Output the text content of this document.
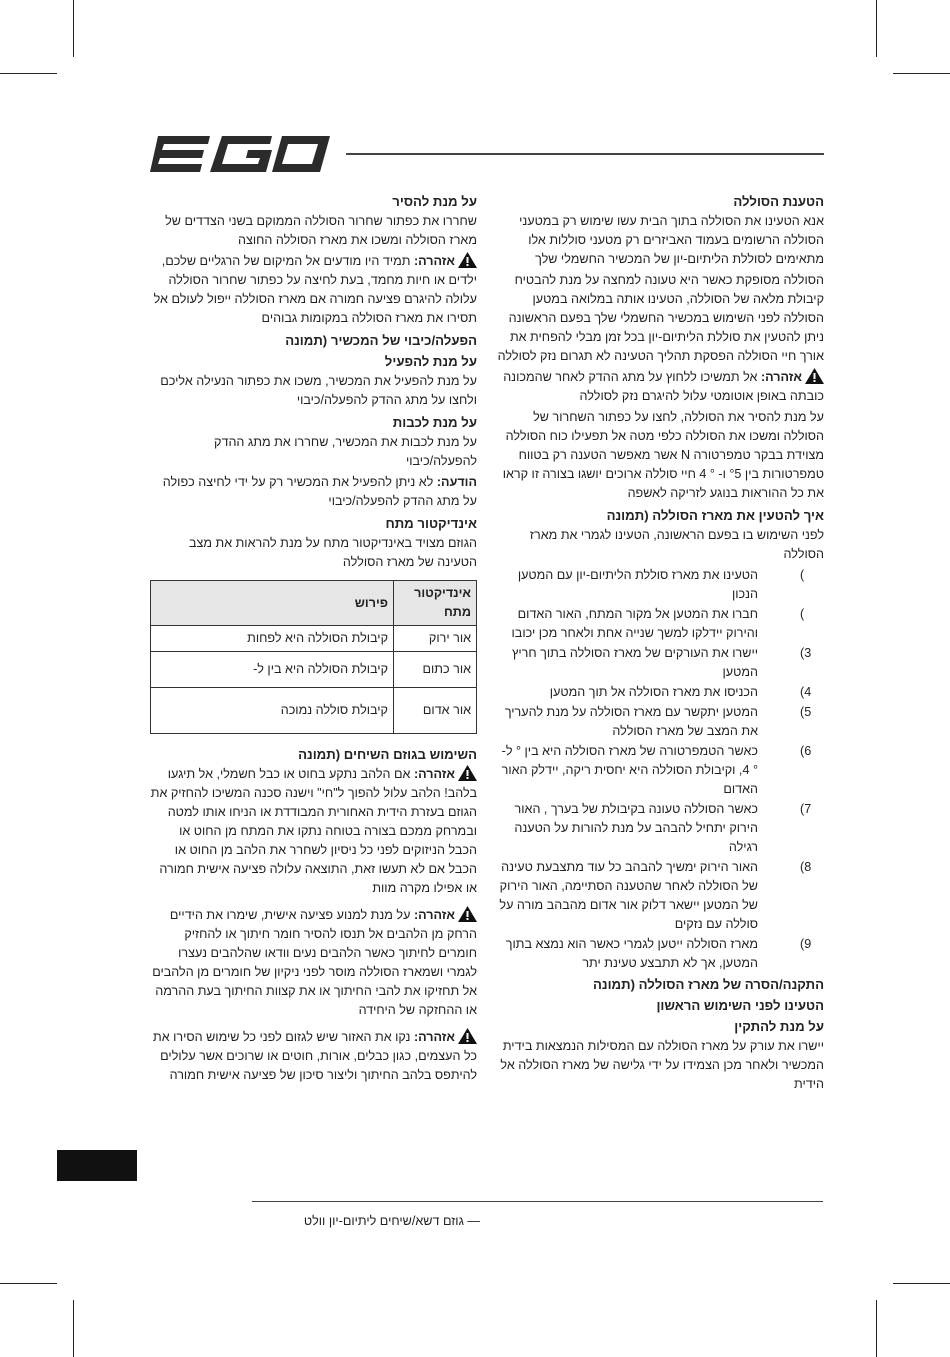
הטענת הסוללה

אנא הטעינו את הסוללה בתוך הבית עשו שימוש רק במטעני הסוללה הרשומים בעמוד האביזרים רק מטעני סוללות אלו מתאימים לסוללת הליתיום-יון של המכשיר החשמלי שלך

הסוללה מסופקת כאשר היא טעונה למחצה על מנת להבטיח קיבולת מלאה של הסוללה, הטעינו אותה במלואה במטען הסוללה לפני השימוש במכשיר החשמלי שלך בפעם הראשונה ניתן להטעין את סוללת הליתיום-יון בכל זמן מבלי להפחית את אורך חיי הסוללה הפסקת תהליך הטעינה לא תגרום נזק לסוללה

אזהרה: אל תמשיכו ללחוץ על מתג ההדק לאחר שהמכונה כובתה באופן אוטומטי עלול להיגרם נזק לסוללה

על מנת להסיר את הסוללה, לחצו על כפתור השחרור של הסוללה ומשכו את הסוללה כלפי מטה אל תפעילו כוח הסוללה מצוידת בבקר טמפרטורה N אשר מאפשר הטענה רק בטווח טמפרטורות בין °5 ו- ° 4 חיי סוללה ארוכים יושגו בצורה זו קראו את כל ההוראות בנוגע לזריקה לאשפה

איך להטעין את מארז הסוללה (תמונה

לפני השימוש בו בפעם הראשונה, הטעינו לגמרי את מארז הסוללה

)
הטעינו את מארז סוללת הליתיום-יון עם המטען הנכון
)
חברו את המטען אל מקור המתח, האור האדום והירוק יידלקו למשך שנייה אחת ולאחר מכן יכובו
3)
יישרו את העורקים של מארז הסוללה בתוך חריץ המטען
4)
הכניסו את מארז הסוללה אל תוך המטען
5)
המטען יתקשר עם מארז הסוללה על מנת להעריך את המצב של מארז הסוללה
6)
כאשר הטמפרטורה של מארז הסוללה היא בין ° ל- ° 4, וקיבולת הסוללה היא יחסית ריקה, יידלק האור האדום
7)
כאשר הסוללה טעונה בקיבולת של בערך , האור הירוק יתחיל להבהב על מנת להורות על הטענה רגילה
8)
האור הירוק ימשיך להבהב כל עוד מתצבעת טעינה של הסוללה לאחר שהטענה הסתיימה, האור הירוק של המטען יישאר דלוק אור אדום מהבהב מורה על סוללה עם נזקים
9)
מארז הסוללה ייטען לגמרי כאשר הוא נמצא בתוך המטען, אך לא תתבצע טעינת יתר
התקנה/הסרה של מארז הסוללה (תמונה
הטעינו לפני השימוש הראשון
על מנת להתקין

יישרו את עורק על מארז הסוללה עם המסילות הנמצאות בידית המכשיר ולאחר מכן הצמידו על ידי גלישה של מארז הסוללה אל הידית

על מנת להסיר

שחררו את כפתור שחרור הסוללה הממוקם בשני הצדדים של מארז הסוללה ומשכו את מארז הסוללה החוצה

אזהרה: תמיד היו מודעים אל המיקום של הרגליים שלכם, ילדים או חיות מחמד, בעת לחיצה על כפתור שחרור הסוללה עלולה להיגרם פציעה חמורה אם מארז הסוללה ייפול לעולם אל תסירו את מארז הסוללה במקומות גבוהים

הפעלה/כיבוי של המכשיר (תמונה
על מנת להפעיל

על מנת להפעיל את המכשיר, משכו את כפתור הנעילה אליכם ולחצו על מתג ההדק להפעלה/כיבוי

על מנת לכבות

על מנת לכבות את המכשיר, שחררו את מתג ההדק להפעלה/כיבוי

הודעה: לא ניתן להפעיל את המכשיר רק על ידי לחיצה כפולה על מתג ההדק להפעלה/כיבוי

אינדיקטור מתח

הגוזם מצויד באינדיקטור מתח על מנת להראות את מצב הטעינה של מארז הסוללה

אינדיקטור מתח	פירוש
אור ירוק	קיבולת הסוללה היא לפחות
אור כתום	קיבולת הסוללה היא בין ל-
אור אדום	קיבולת סוללה נמוכה
השימוש בגוזם השיחים (תמונה

אזהרה: אם הלהב נתקע בחוט או כבל חשמלי, אל תיגעו בלהב! הלהב עלול להפוך ל"חי" וישנה סכנה המשיכו להחזיק את הגוזם בעזרת הידית האחורית המבודדת או הניחו אותו למטה ובמרחק ממכם בצורה בטוחה נתקו את המתח מן החוט או הכבל הניזוקים לפני כל ניסיון לשחרר את הלהב מן החוט או הכבל אם לא תעשו זאת, התוצאה עלולה פציעה אישית חמורה או אפילו מקרה מוות

אזהרה: על מנת למנוע פציעה אישית, שימרו את הידיים הרחק מן הלהבים אל תנסו להסיר חומר חיתוך או להחזיק חומרים לחיתוך כאשר הלהבים נעים וודאו שהלהבים נעצרו לגמרי ושמארז הסוללה מוסר לפני ניקיון של חומרים מן הלהבים אל תחזיקו את להבי החיתוך או את קצוות החיתוך בעת ההרמה או ההחזקה של היחידה

אזהרה: נקו את האזור שיש לגזום לפני כל שימוש הסירו את כל העצמים, כגון כבלים, אורות, חוטים או שרוכים אשר עלולים להיתפס בלהב החיתוך וליצור סיכון של פציעה אישית חמורה

— גוזם דשא/שיחים ליתיום-יון וולט
